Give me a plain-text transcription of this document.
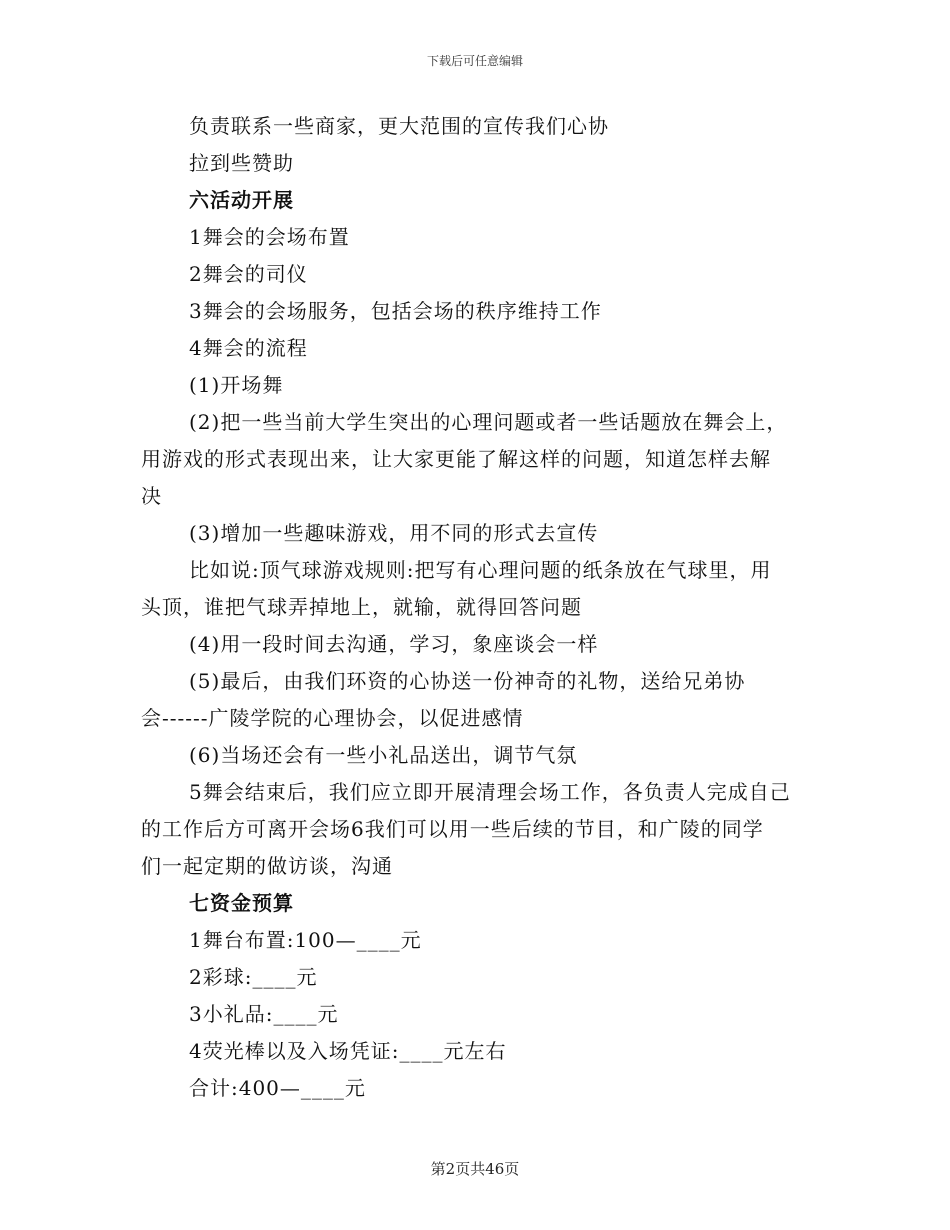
下载后可任意编辑
负责联系一些商家，更大范围的宣传我们心协
拉到些赞助
六活动开展
1舞会的会场布置
2舞会的司仪
3舞会的会场服务，包括会场的秩序维持工作
4舞会的流程
(1)开场舞
(2)把一些当前大学生突出的心理问题或者一些话题放在舞会上，
用游戏的形式表现出来，让大家更能了解这样的问题，知道怎样去解
决
(3)增加一些趣味游戏，用不同的形式去宣传
比如说:顶气球游戏规则:把写有心理问题的纸条放在气球里，用
头顶，谁把气球弄掉地上，就输，就得回答问题
(4)用一段时间去沟通，学习，象座谈会一样
(5)最后，由我们环资的心协送一份神奇的礼物，送给兄弟协
会------广陵学院的心理协会，以促进感情
(6)当场还会有一些小礼品送出，调节气氛
5舞会结束后，我们应立即开展清理会场工作，各负责人完成自己
的工作后方可离开会场6我们可以用一些后续的节目，和广陵的同学
们一起定期的做访谈，沟通
七资金预算
1舞台布置:100—____元
2彩球:____元
3小礼品:____元
4荧光棒以及入场凭证:____元左右
合计:400—____元
第2页共46页
